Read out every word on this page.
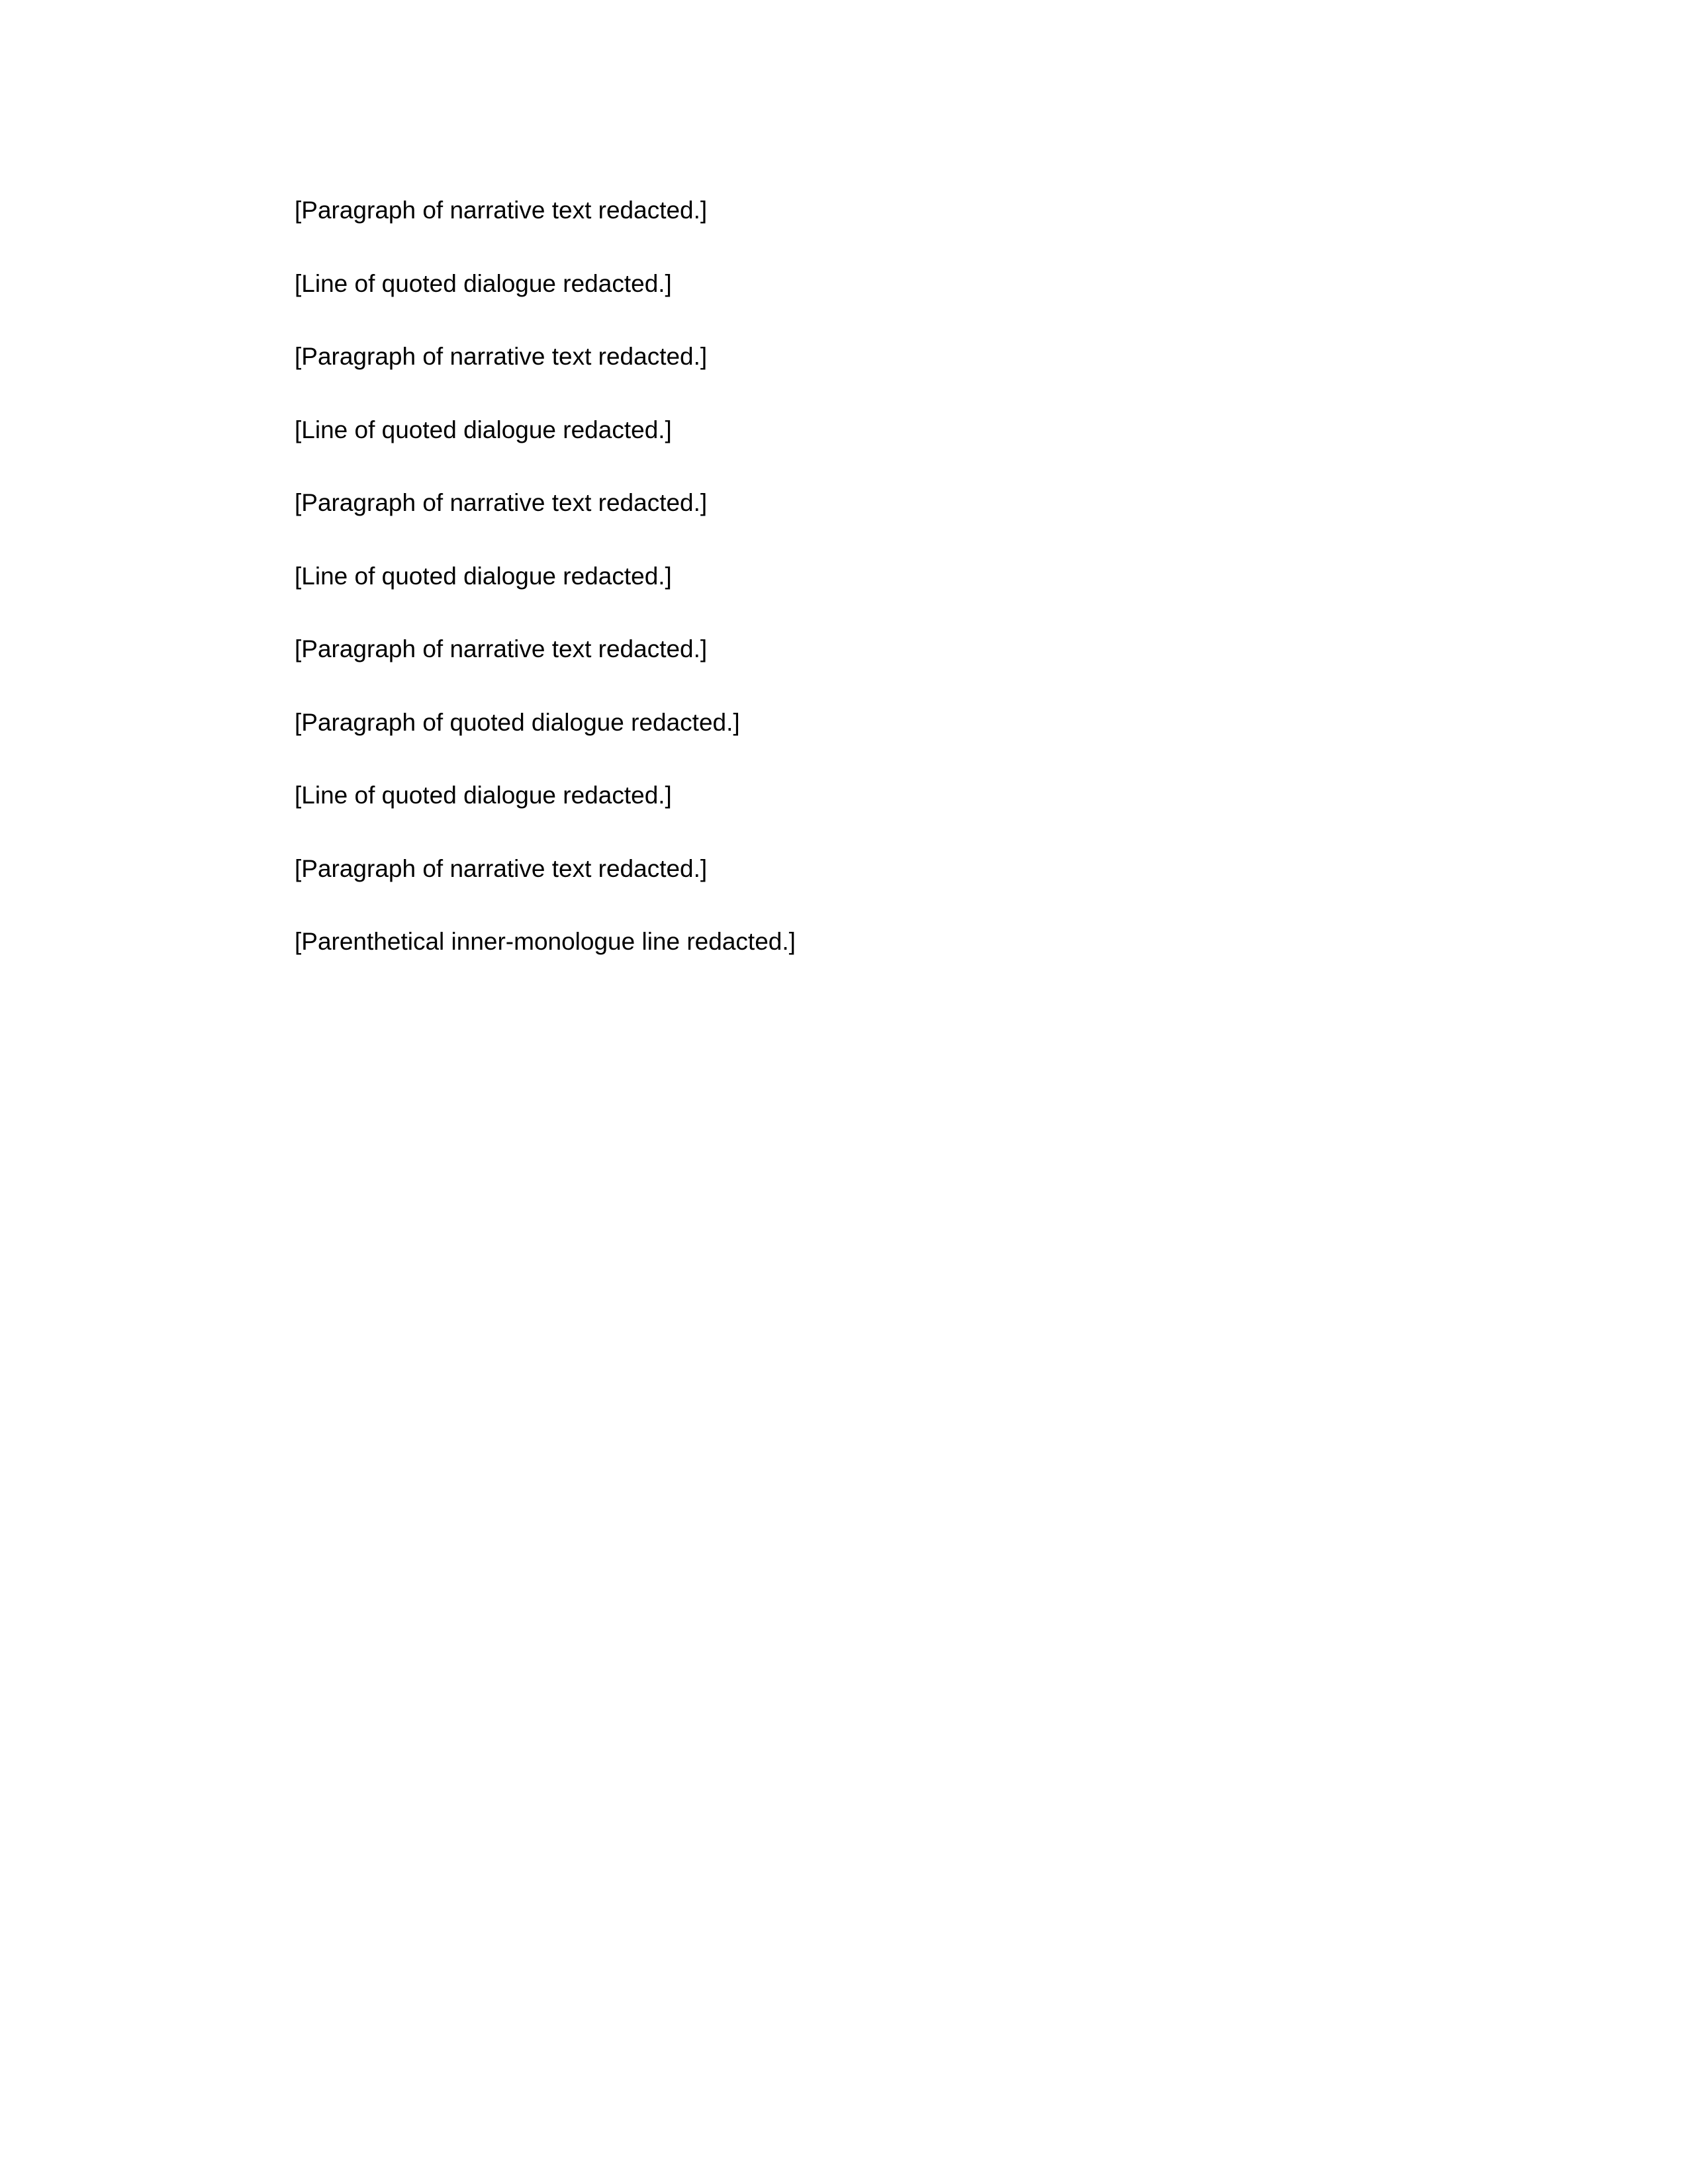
[Paragraph of narrative text redacted.]

[Line of quoted dialogue redacted.]

[Paragraph of narrative text redacted.]

[Line of quoted dialogue redacted.]

[Paragraph of narrative text redacted.]

[Line of quoted dialogue redacted.]

[Paragraph of narrative text redacted.]

[Paragraph of quoted dialogue redacted.]

[Line of quoted dialogue redacted.]

[Paragraph of narrative text redacted.]

[Parenthetical inner-monologue line redacted.]
